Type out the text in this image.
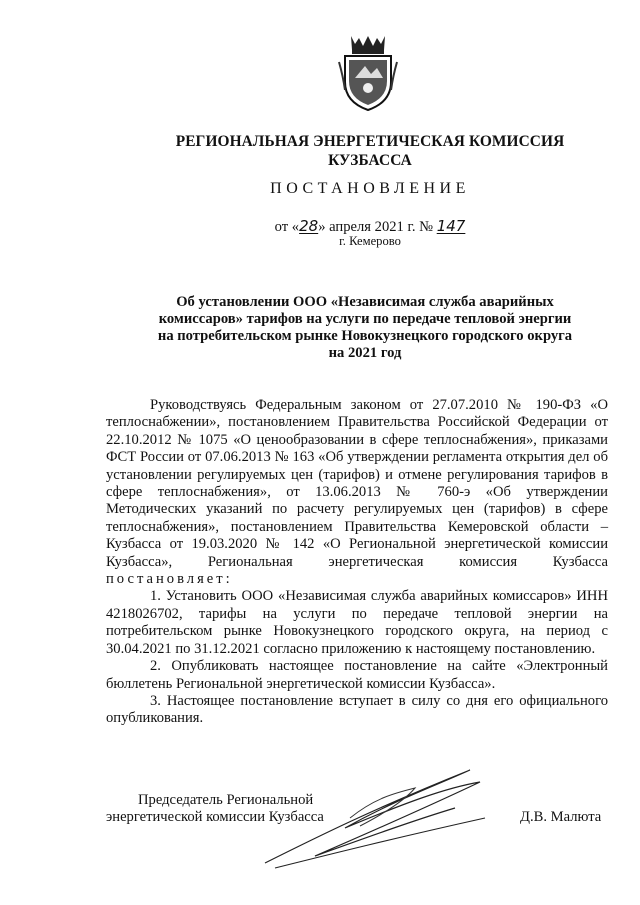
РЕГИОНАЛЬНАЯ ЭНЕРГЕТИЧЕСКАЯ КОМИССИЯ
КУЗБАССА
ПОСТАНОВЛЕНИЕ
от «28» апреля 2021 г. № 147
г. Кемерово
Об установлении ООО «Независимая служба аварийных
комиссаров» тарифов на услуги по передаче тепловой энергии
на потребительском рынке Новокузнецкого городского округа
на 2021 год

Руководствуясь Федеральным законом от 27.07.2010 № 190-ФЗ «О теплоснабжении», постановлением Правительства Российской Федерации от 22.10.2012 № 1075 «О ценообразовании в сфере теплоснабжения», приказами ФСТ России от 07.06.2013 № 163 «Об утверждении регламента открытия дел об установлении регулируемых цен (тарифов) и отмене регулирования тарифов в сфере теплоснабжения», от 13.06.2013 № 760-э «Об утверждении Методических указаний по расчету регулируемых цен (тарифов) в сфере теплоснабжения», постановлением Правительства Кемеровской области – Кузбасса от 19.03.2020 № 142 «О Региональной энергетической комиссии Кузбасса», Региональная энергетическая комиссия Кузбасса постановляет:

1. Установить ООО «Независимая служба аварийных комиссаров» ИНН 4218026702, тарифы на услуги по передаче тепловой энергии на потребительском рынке Новокузнецкого городского округа, на период с 30.04.2021 по 31.12.2021 согласно приложению к настоящему постановлению.

2. Опубликовать настоящее постановление на сайте «Электронный бюллетень Региональной энергетической комиссии Кузбасса».

3. Настоящее постановление вступает в силу со дня его официального опубликования.

Председатель Региональной
энергетической комиссии Кузбасса	Д.В. Малюта
